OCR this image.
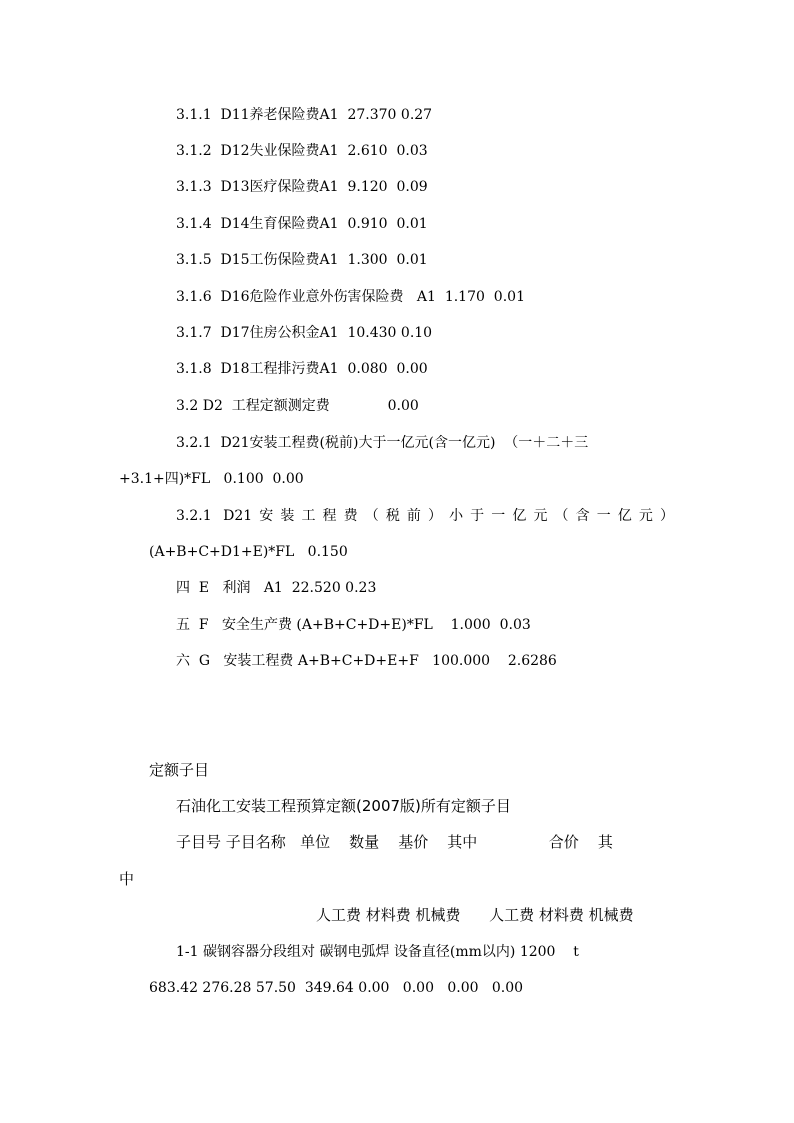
3.1.1  D11养老保险费A1  27.370 0.27
3.1.2  D12失业保险费A1  2.610  0.03
3.1.3  D13医疗保险费A1  9.120  0.09
3.1.4  D14生育保险费A1  0.910  0.01
3.1.5  D15工伤保险费A1  1.300  0.01
3.1.6  D16危险作业意外伤害保险费   A1  1.170  0.01
3.1.7  D17住房公积金A1  10.430 0.10
3.1.8  D18工程排污费A1  0.080  0.00
3.2 D2  工程定额测定费             0.00
3.2.1  D21安装工程费(税前)大于一亿元(含一亿元)  （一＋二＋三
+3.1+四)*FL   0.100  0.00
3.2.1 D21安装工程费（税前）小于一亿元（含一亿元）
(A+B+C+D1+E)*FL   0.150
四  E   利润   A1  22.520 0.23
五  F   安全生产费 (A+B+C+D+E)*FL    1.000  0.03
六  G   安装工程费 A+B+C+D+E+F   100.000    2.6286
定额子目
石油化工安装工程预算定额(2007版)所有定额子目
子目号 子目名称   单位    数量    基价    其中               合价    其
中
人工费 材料费 机械费      人工费 材料费 机械费
1-1 碳钢容器分段组对 碳钢电弧焊 设备直径(mm以内) 1200    t
683.42 276.28 57.50  349.64 0.00   0.00   0.00   0.00
